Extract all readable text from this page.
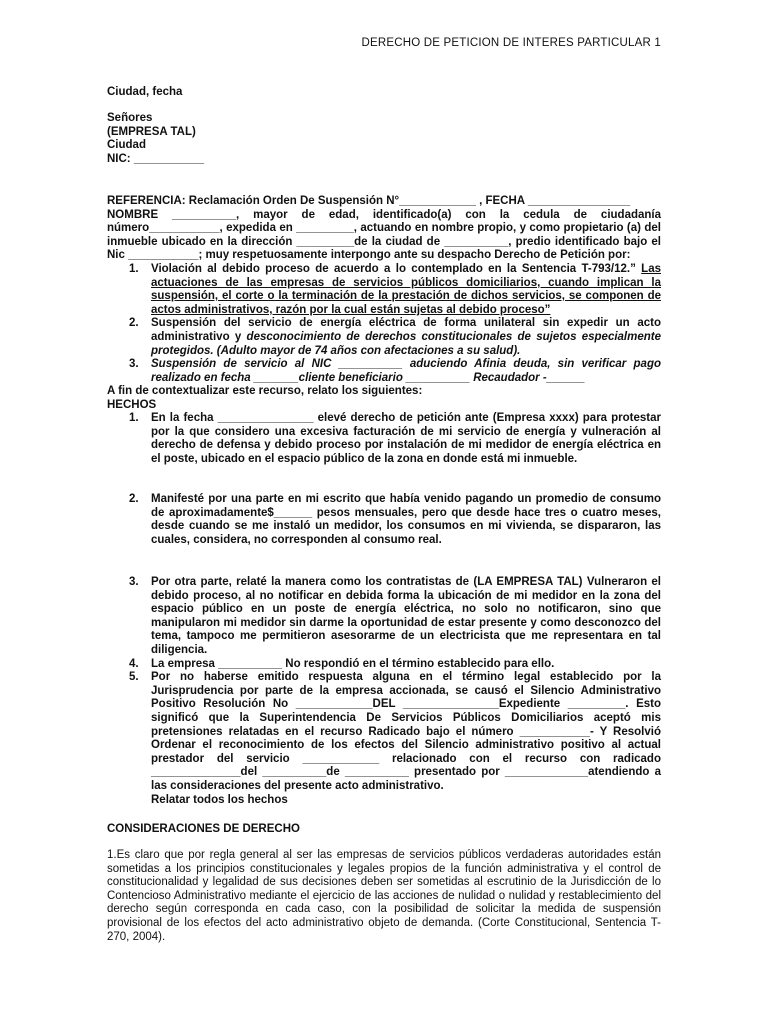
DERECHO DE PETICION DE INTERES PARTICULAR 1
Ciudad, fecha
Señores
(EMPRESA TAL)
Ciudad
NIC: ___________
REFERENCIA: Reclamación Orden De Suspensión N°____________ , FECHA ________________
NOMBRE __________, mayor de edad, identificado(a) con la cedula de ciudadanía número___________, expedida en _________, actuando en nombre propio, y como propietario (a) del inmueble ubicado en la dirección _________de la ciudad de __________, predio identificado bajo el Nic ___________; muy respetuosamente interpongo ante su despacho Derecho de Petición por:
1. Violación al debido proceso de acuerdo a lo contemplado en la Sentencia T-793/12.” Las actuaciones de las empresas de servicios públicos domiciliarios, cuando implican la suspensión, el corte o la terminación de la prestación de dichos servicios, se componen de actos administrativos, razón por la cual están sujetas al debido proceso”
2. Suspensión del servicio de energía eléctrica de forma unilateral sin expedir un acto administrativo y desconocimiento de derechos constitucionales de sujetos especialmente protegidos. (Adulto mayor de 74 años con afectaciones a su salud).
3. Suspensión de servicio al NIC __________ aduciendo Afinia deuda, sin verificar pago realizado en fecha _______cliente beneficiario __________ Recaudador -______
A fin de contextualizar este recurso, relato los siguientes:
HECHOS
1. En la fecha _______________ elevé derecho de petición ante (Empresa xxxx) para protestar por la que considero una excesiva facturación de mi servicio de energía y vulneración al derecho de defensa y debido proceso por instalación de mi medidor de energía eléctrica en el poste, ubicado en el espacio público de la zona en donde está mi inmueble.
2. Manifesté por una parte en mi escrito que había venido pagando un promedio de consumo de aproximadamente$______ pesos mensuales, pero que desde hace tres o cuatro meses, desde cuando se me instaló un medidor, los consumos en mi vivienda, se dispararon, las cuales, considera, no corresponden al consumo real.
3. Por otra parte, relaté la manera como los contratistas de (LA EMPRESA TAL) Vulneraron el debido proceso, al no notificar en debida forma la ubicación de mi medidor en la zona del espacio público en un poste de energía eléctrica, no solo no notificaron, sino que manipularon mi medidor sin darme la oportunidad de estar presente y como desconozco del tema, tampoco me permitieron asesorarme de un electricista que me representara en tal diligencia.
4. La empresa __________ No respondió en el término establecido para ello.
5. Por no haberse emitido respuesta alguna en el término legal establecido por la Jurisprudencia por parte de la empresa accionada, se causó el Silencio Administrativo Positivo Resolución No ____________DEL _______________Expediente _________. Esto significó que la Superintendencia De Servicios Públicos Domiciliarios aceptó mis pretensiones relatadas en el recurso Radicado bajo el número ___________- Y Resolvió Ordenar el reconocimiento de los efectos del Silencio administrativo positivo al actual prestador del servicio ____________ relacionado con el recurso con radicado ______________del __________de __________ presentado por _____________atendiendo a las consideraciones del presente acto administrativo.
Relatar todos los hechos
CONSIDERACIONES DE DERECHO
1.Es claro que por regla general al ser las empresas de servicios públicos verdaderas autoridades están sometidas a los principios constitucionales y legales propios de la función administrativa y el control de constitucionalidad y legalidad de sus decisiones deben ser sometidas al escrutinio de la Jurisdicción de lo Contencioso Administrativo mediante el ejercicio de las acciones de nulidad o nulidad y restablecimiento del derecho según corresponda en cada caso, con la posibilidad de solicitar la medida de suspensión provisional de los efectos del acto administrativo objeto de demanda. (Corte Constitucional, Sentencia T-270, 2004).
